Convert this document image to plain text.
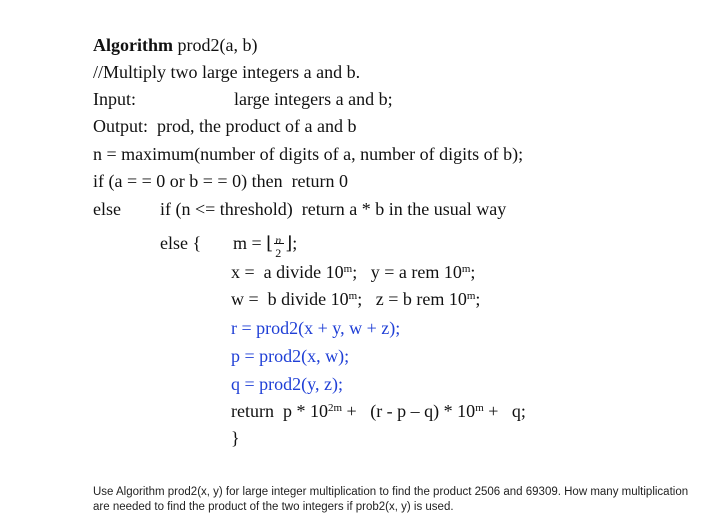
Algorithm prod2(a, b)
//Multiply two large integers a and b.
Input:	large integers a and b;
Output: prod, the product of a and b
n = maximum(number of digits of a, number of digits of b);
if (a = = 0 or b = = 0) then  return 0
else if (n <= threshold)  return a * b in the usual way
else { m = ⌊ n
2 ⌋;
x =  a divide 10$^m$;   y = a rem 10$^m$;
w =  b divide 10$^m$;   z = b rem 10$^m$;
r = prod2(x + y, w + z);
p = prod2(x, w);
q = prod2(y, z);
return  $p * 10^{2m} + (r - p - q) * 10^m + q$;
}
Use Algorithm prod2(x, y) for large integer multiplication to find the product 2506 and 69309. How many multiplication are needed to find the product of the two integers if prob2(x, y) is used.
